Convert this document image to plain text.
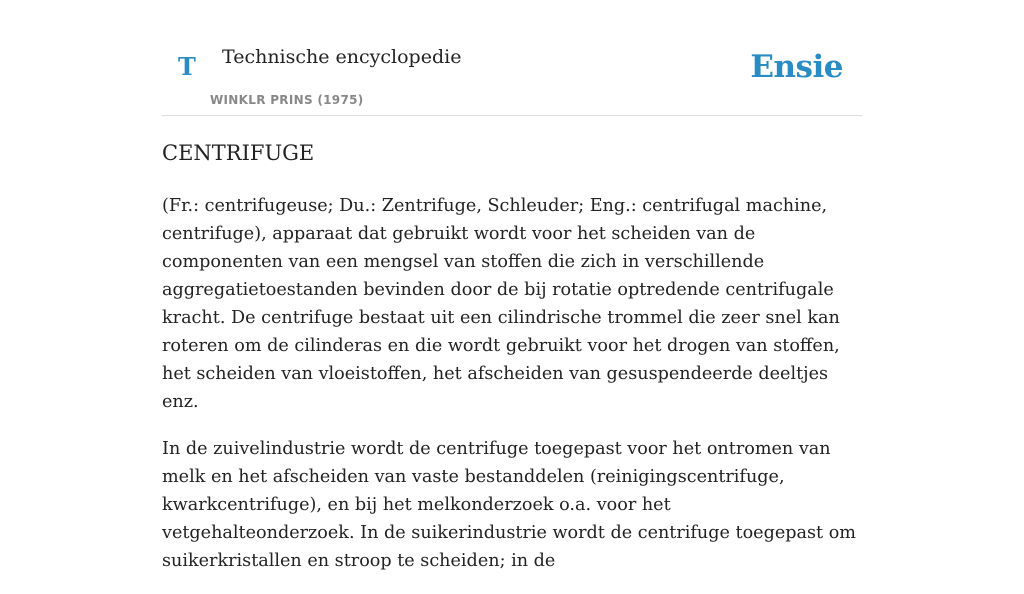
T Technische encyclopedie
WINKLR PRINS (1975)
Ensie
CENTRIFUGE

(Fr.: centrifugeuse; Du.: Zentrifuge, Schleuder; Eng.: centrifugal machine, centrifuge), apparaat dat gebruikt wordt voor het scheiden van de componenten van een mengsel van stoffen die zich in verschillende aggregatietoestanden bevinden door de bij rotatie optredende centrifugale kracht. De centrifuge bestaat uit een cilindrische trommel die zeer snel kan roteren om de cilinderas en die wordt gebruikt voor het drogen van stoffen, het scheiden van vloeistoffen, het afscheiden van gesuspendeerde deeltjes enz.

In de zuivelindustrie wordt de centrifuge toegepast voor het ontromen van melk en het afscheiden van vaste bestanddelen (reinigingscentrifuge, kwarkcentrifuge), en bij het melkonderzoek o.a. voor het vetgehalteonderzoek. In de suikerindustrie wordt de centrifuge toegepast om suikerkristallen en stroop te scheiden; in de
